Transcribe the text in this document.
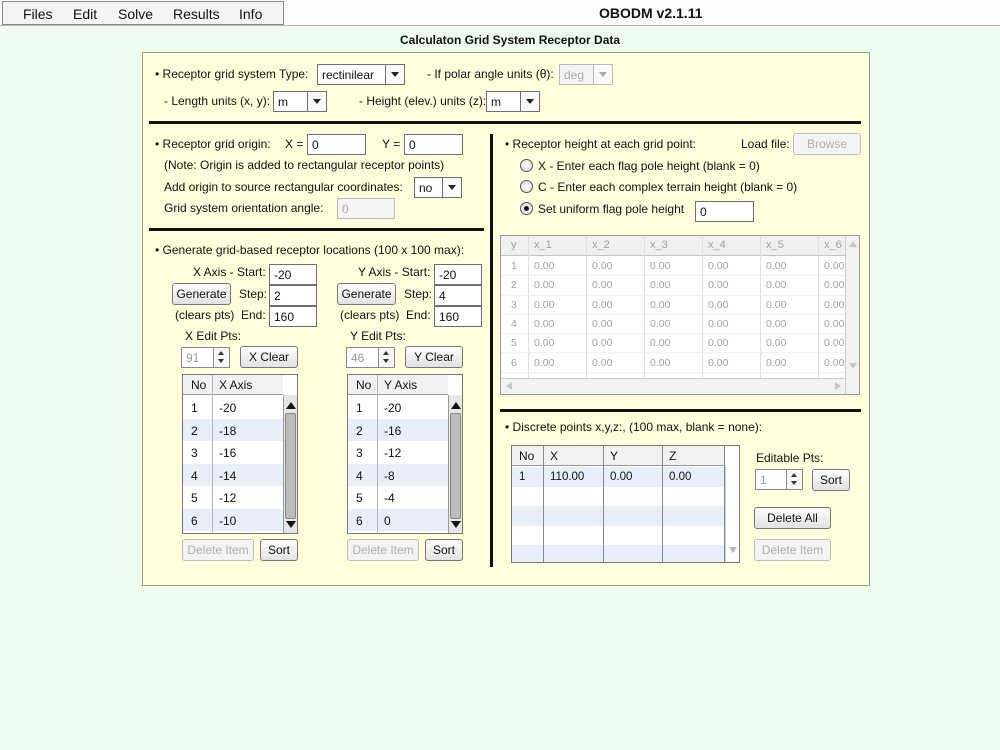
Files Edit Solve Results Info	OBODM v2.1.11
Calculaton Grid System Receptor Data
• Receptor grid system Type:	rectinilear	- If polar angle units (θ): deg
- Length units (x, y): m	- Height (elev.) units (z): m
• Receptor grid origin: X = 0	Y = 0
(Note: Origin is added to rectangular receptor points)
Add origin to source rectangular coordinates:	no
Grid system orientation angle:	0
• Generate grid-based receptor locations (100 x 100 max):
X Axis - Start: -20
Generate	Step: 2
(clears pts) End: 160
Y Axis - Start: -20
Generate	Step: 4
(clears pts) End: 160
X Edit Pts:
91	X Clear
Y Edit Pts:
46	Y Clear
No X Axis
1 -20
2 -18
3 -16
4 -14
5 -12
6 -10
Delete Item	Sort
No Y Axis
1 -20
2 -16
3 -12
4 -8
5 -4
6 0
Delete Item	Sort
• Receptor height at each grid point:	Load file:	Browse
X - Enter each flag pole height (blank = 0)
C - Enter each complex terrain height (blank = 0)
Set uniform flag pole height	0
y x_1	x_2	x_3	x_4	x_5	x_6
1 0.00	0.00	0.00	0.00	0.00	0.00
2 0.00	0.00	0.00	0.00	0.00	0.00
3 0.00	0.00	0.00	0.00	0.00	0.00
4 0.00	0.00	0.00	0.00	0.00	0.00
5 0.00	0.00	0.00	0.00	0.00	0.00
6 0.00	0.00	0.00	0.00	0.00	0.00
• Discrete points x,y,z:, (100 max, blank = none):
No X	Y	Z
1 110.00 0.00	0.00
Editable Pts:
1	Sort
Delete All
Delete Item
